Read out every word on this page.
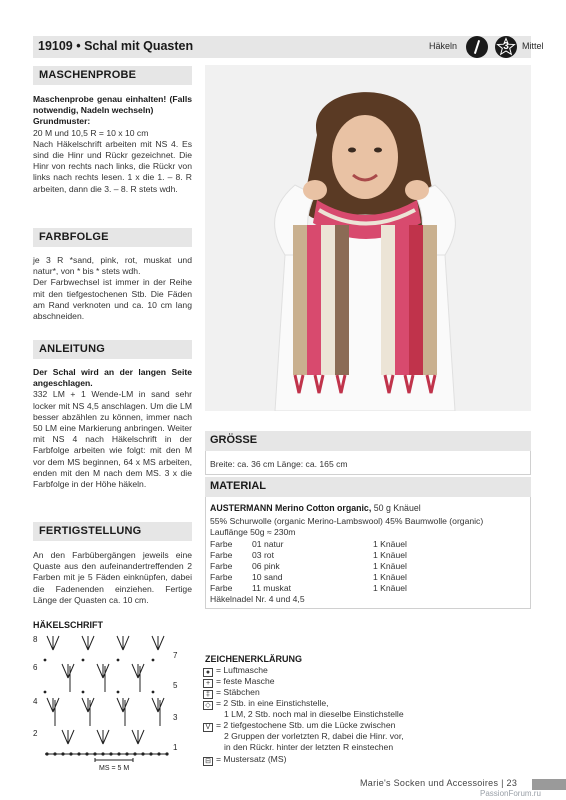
19109 • Schal mit Quasten	Häkeln	3	Mittel
MASCHENPROBE

Maschenprobe genau einhalten! (Falls notwendig, Nadeln wechseln)

Grundmuster:

20 M und 10,5 R = 10 x 10 cm

Nach Häkelschrift arbeiten mit NS 4. Es sind die Hinr und Rückr gezeichnet. Die Hinr von rechts nach links, die Rückr von links nach rechts lesen. 1 x die 1. – 8. R arbeiten, dann die 3. – 8. R stets wdh.

FARBFOLGE

je 3 R *sand, pink, rot, muskat und natur*, von * bis * stets wdh.

Der Farbwechsel ist immer in der Reihe mit den tiefgestochenen Stb. Die Fäden am Rand verknoten und ca. 10 cm lang abschneiden.

ANLEITUNG

Der Schal wird an der langen Seite angeschlagen.

332 LM + 1 Wende-LM in sand sehr locker mit NS 4,5 anschlagen. Um die LM besser abzählen zu können, immer nach 50 LM eine Markierung anbringen. Weiter mit NS 4 nach Häkelschrift in der Farbfolge arbeiten wie folgt: mit den M vor dem MS beginnen, 64 x MS arbeiten, enden mit den M nach dem MS. 3 x die Farbfolge in der Höhe häkeln.

FERTIGSTELLUNG

An den Farbübergängen jeweils eine Quaste aus den aufeinandertreffenden 2 Farben mit je 5 Fäden einknüpfen, dabei die Fadenenden einziehen. Fertige Länge der Quasten ca. 10 cm.

GRÖSSE
Breite: ca. 36 cm Länge: ca. 165 cm
MATERIAL
AUSTERMANN Merino Cotton organic, 50 g Knäuel
55% Schurwolle (organic Merino-Lambswool) 45% Baumwolle (organic)
Lauflänge 50g ≈ 230m
Farbe 01 natur	1 Knäuel
Farbe 03 rot	1 Knäuel
Farbe 06 pink	1 Knäuel
Farbe 10 sand	1 Knäuel
Farbe 11 muskat	1 Knäuel
Häkelnadel Nr. 4 und 4,5
HÄKELSCHRIFT
8
6
4
2
7
5
3
1
MS = 5 M
ZEICHENERKLÄRUNG
● = Luftmasche
+ = feste Masche
‡ = Stäbchen
◇ = 2 Stb. in eine Einstichstelle,
1 LM, 2 Stb. noch mal in dieselbe Einstichstelle
V = 2 tiefgestochene Stb. um die Lücke zwischen
2 Gruppen der vorletzten R, dabei die Hinr. vor,
in den Rückr. hinter der letzten R einstechen
⊟ = Mustersatz (MS)
Marie's Socken und Accessoires | 23
PassionForum.ru
